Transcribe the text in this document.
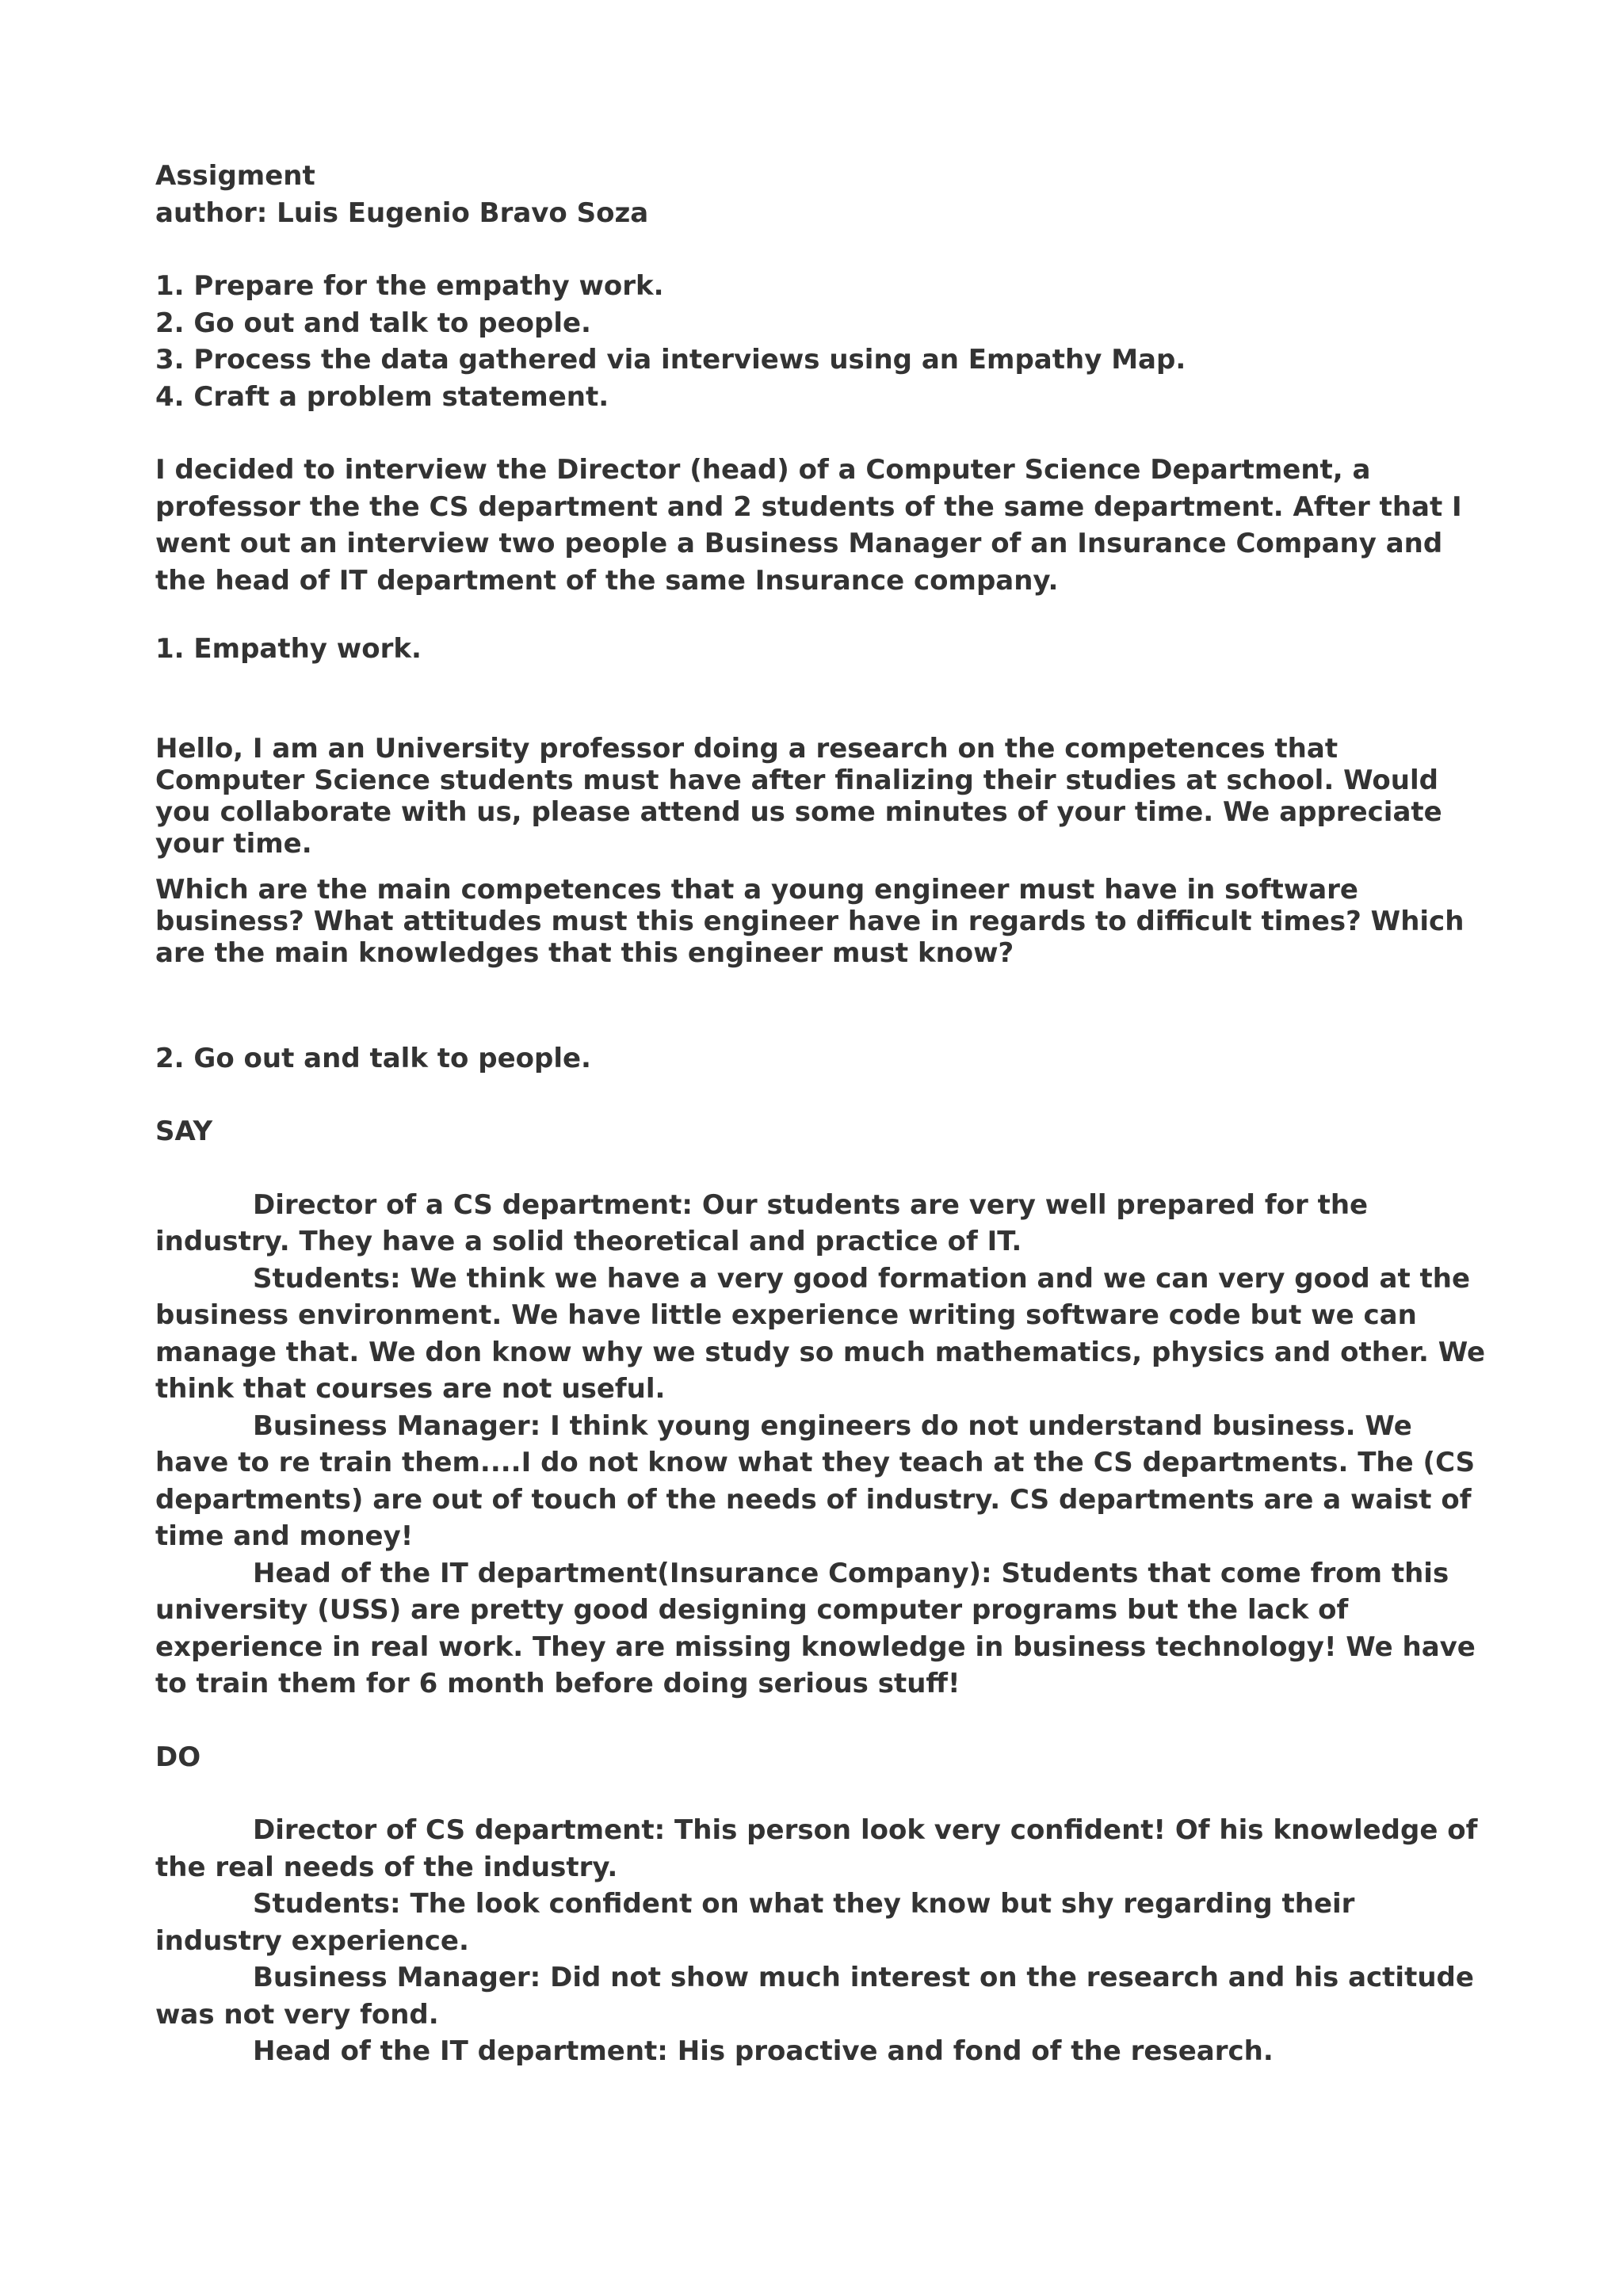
Assigment
author: Luis Eugenio Bravo Soza
1. Prepare for the empathy work.
2. Go out and talk to people.
3. Process the data gathered via interviews using an Empathy Map.
4. Craft a problem statement.
I decided to interview the Director (head) of a Computer Science Department, a
professor the the CS department and 2 students of the same department. After that I
went out an interview two people a Business Manager of an Insurance Company and
the head of IT department of the same Insurance company.
1. Empathy work.
Hello, I am an University professor doing a research on the competences that
Computer Science students must have after finalizing their studies at school. Would
you collaborate with us, please attend us some minutes of your time. We appreciate
your time.
Which are the main competences that a young engineer must have in software
business? What attitudes must this engineer have in regards to difficult times? Which
are the main knowledges that this engineer must know?
2. Go out and talk to people.
SAY
Director of a CS department: Our students are very well prepared for the
industry. They have a solid theoretical and practice of IT.
Students: We think we have a very good formation and we can very good at the
business environment. We have little experience writing software code but we can
manage that. We don know why we study so much mathematics, physics and other. We
think that courses are not useful.
Business Manager: I think young engineers do not understand business. We
have to re train them....I do not know what they teach at the CS departments. The (CS
departments) are out of touch of the needs of industry. CS departments are a waist of
time and money!
Head of the IT department(Insurance Company): Students that come from this
university (USS) are pretty good designing computer programs but the lack of
experience in real work. They are missing knowledge in business technology! We have
to train them for 6 month before doing serious stuff!
DO
Director of CS department: This person look very confident! Of his knowledge of
the real needs of the industry.
Students: The look confident on what they know but shy regarding their
industry experience.
Business Manager: Did not show much interest on the research and his actitude
was not very fond.
Head of the IT department: His proactive and fond of the research.
